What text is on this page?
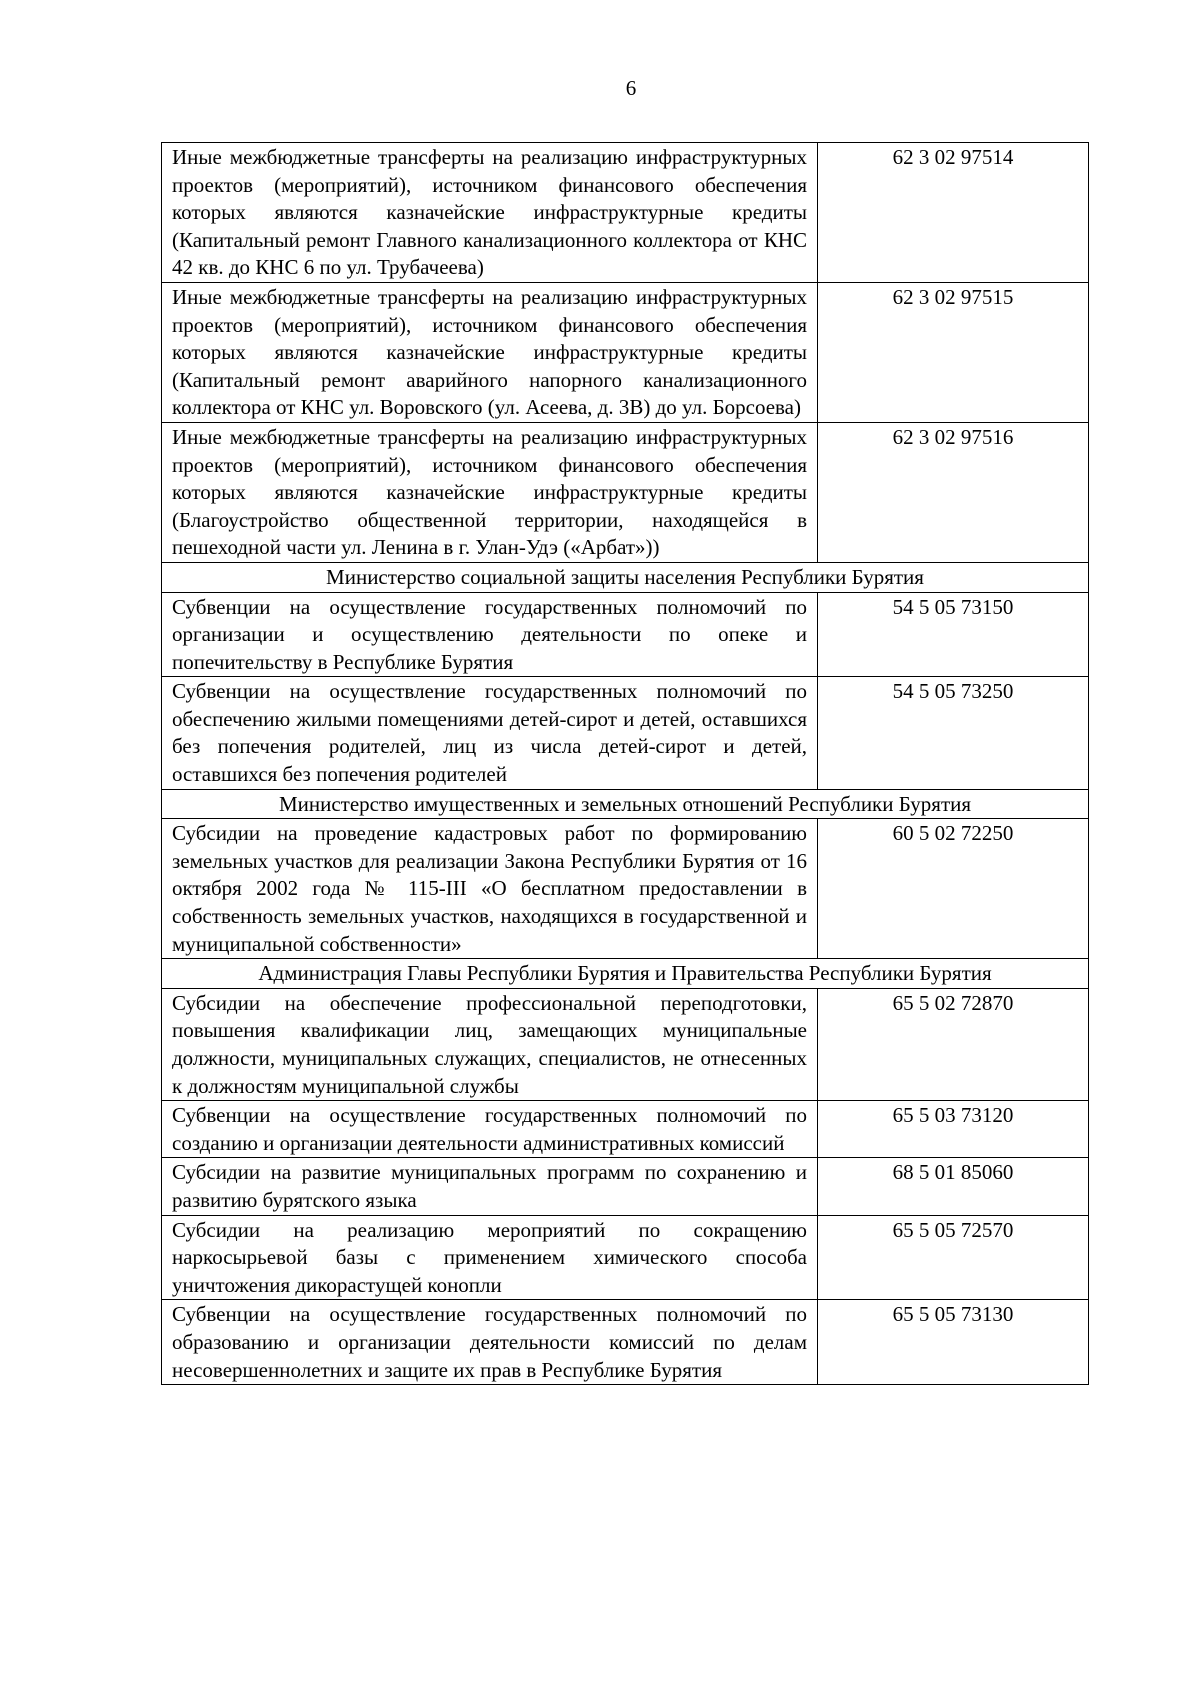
6
Иные межбюджетные трансферты на реализацию инфраструктурных проектов (мероприятий), источником финансового обеспечения которых являются казначейские инфраструктурные кредиты (Капитальный ремонт Главного канализационного коллектора от КНС 42 кв. до КНС 6 по ул. Трубачеева)	62 3 02 97514
Иные межбюджетные трансферты на реализацию инфраструктурных проектов (мероприятий), источником финансового обеспечения которых являются казначейские инфраструктурные кредиты (Капитальный ремонт аварийного напорного канализационного коллектора от КНС ул. Воровского (ул. Асеева, д. 3В) до ул. Борсоева)	62 3 02 97515
Иные межбюджетные трансферты на реализацию инфраструктурных проектов (мероприятий), источником финансового обеспечения которых являются казначейские инфраструктурные кредиты (Благоустройство общественной территории, находящейся в пешеходной части ул. Ленина в г. Улан-Удэ («Арбат»))	62 3 02 97516
Министерство социальной защиты населения Республики Бурятия	
Субвенции на осуществление государственных полномочий по организации и осуществлению деятельности по опеке и попечительству в Республике Бурятия	54 5 05 73150
Субвенции на осуществление государственных полномочий по обеспечению жилыми помещениями детей-сирот и детей, оставшихся без попечения родителей, лиц из числа детей-сирот и детей, оставшихся без попечения родителей	54 5 05 73250
Министерство имущественных и земельных отношений Республики Бурятия	
Субсидии на проведение кадастровых работ по формированию земельных участков для реализации Закона Республики Бурятия от 16 октября 2002 года № 115-III «О бесплатном предоставлении в собственность земельных участков, находящихся в государственной и муниципальной собственности»	60 5 02 72250
Администрация Главы Республики Бурятия и Правительства Республики Бурятия	
Субсидии на обеспечение профессиональной переподготовки, повышения квалификации лиц, замещающих муниципальные должности, муниципальных служащих, специалистов, не отнесенных к должностям муниципальной службы	65 5 02 72870
Субвенции на осуществление государственных полномочий по созданию и организации деятельности административных комиссий	65 5 03 73120
Субсидии на развитие муниципальных программ по сохранению и развитию бурятского языка	68 5 01 85060
Субсидии на реализацию мероприятий по сокращению наркосырьевой базы с применением химического способа уничтожения дикорастущей конопли	65 5 05 72570
Субвенции на осуществление государственных полномочий по образованию и организации деятельности комиссий по делам несовершеннолетних и защите их прав в Республике Бурятия	65 5 05 73130
